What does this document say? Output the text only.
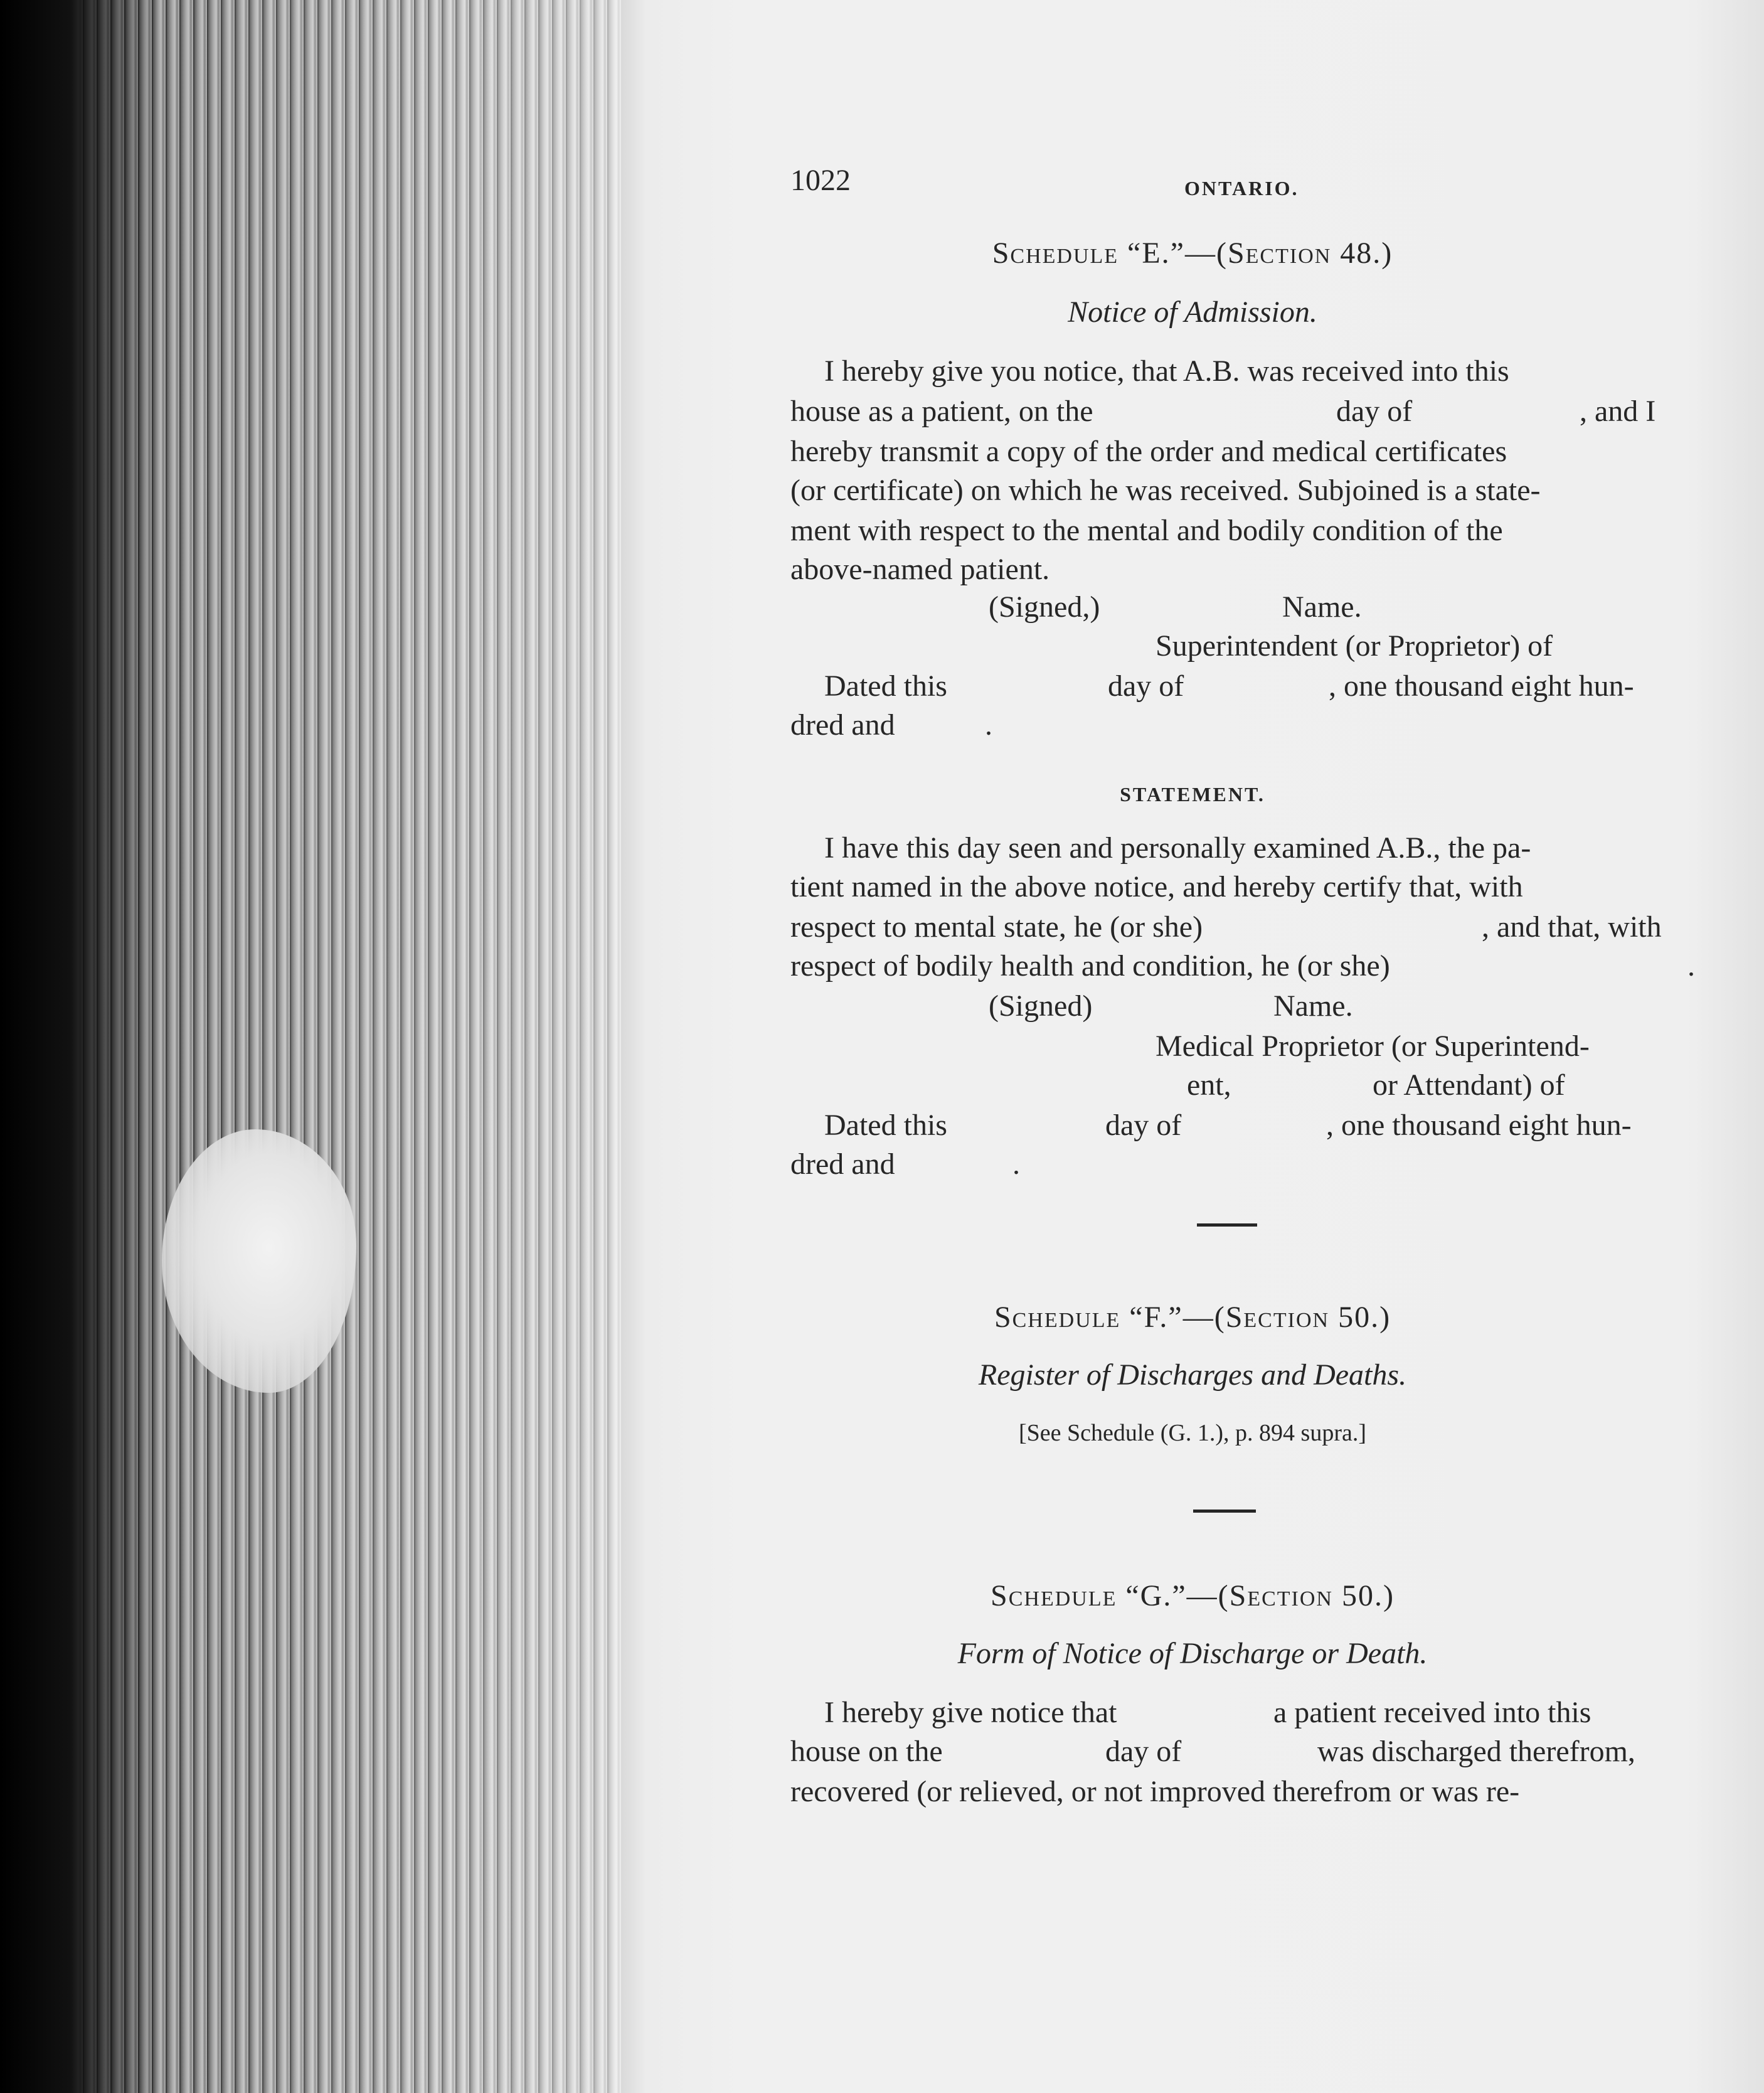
1022	ONTARIO.

Schedule “E.”—(Section 48.)

Notice of Admission.

I hereby give you notice, that A.B. was received into this

house as a patient, on the	day of	, and I

hereby transmit a copy of the order and medical certificates

(or certificate) on which he was received. Subjoined is a state-

ment with respect to the mental and bodily condition of the

above-named patient.

(Signed,)	Name.

Superintendent (or Proprietor) of

Dated this	day of	, one thousand eight hun-

dred and	.

STATEMENT.

I have this day seen and personally examined A.B., the pa-

tient named in the above notice, and hereby certify that, with

respect to mental state, he (or she)	, and that, with

respect of bodily health and condition, he (or she)	.

(Signed)	Name.

Medical Proprietor (or Superintend-

ent,	or Attendant) of

Dated this	day of	, one thousand eight hun-

dred and	.

Schedule “F.”—(Section 50.)

Register of Discharges and Deaths.

[See Schedule (G. 1.), p. 894 supra.]

Schedule “G.”—(Section 50.)

Form of Notice of Discharge or Death.

I hereby give notice that	a patient received into this

house on the	day of	was discharged therefrom,

recovered (or relieved, or not improved therefrom or was re-
